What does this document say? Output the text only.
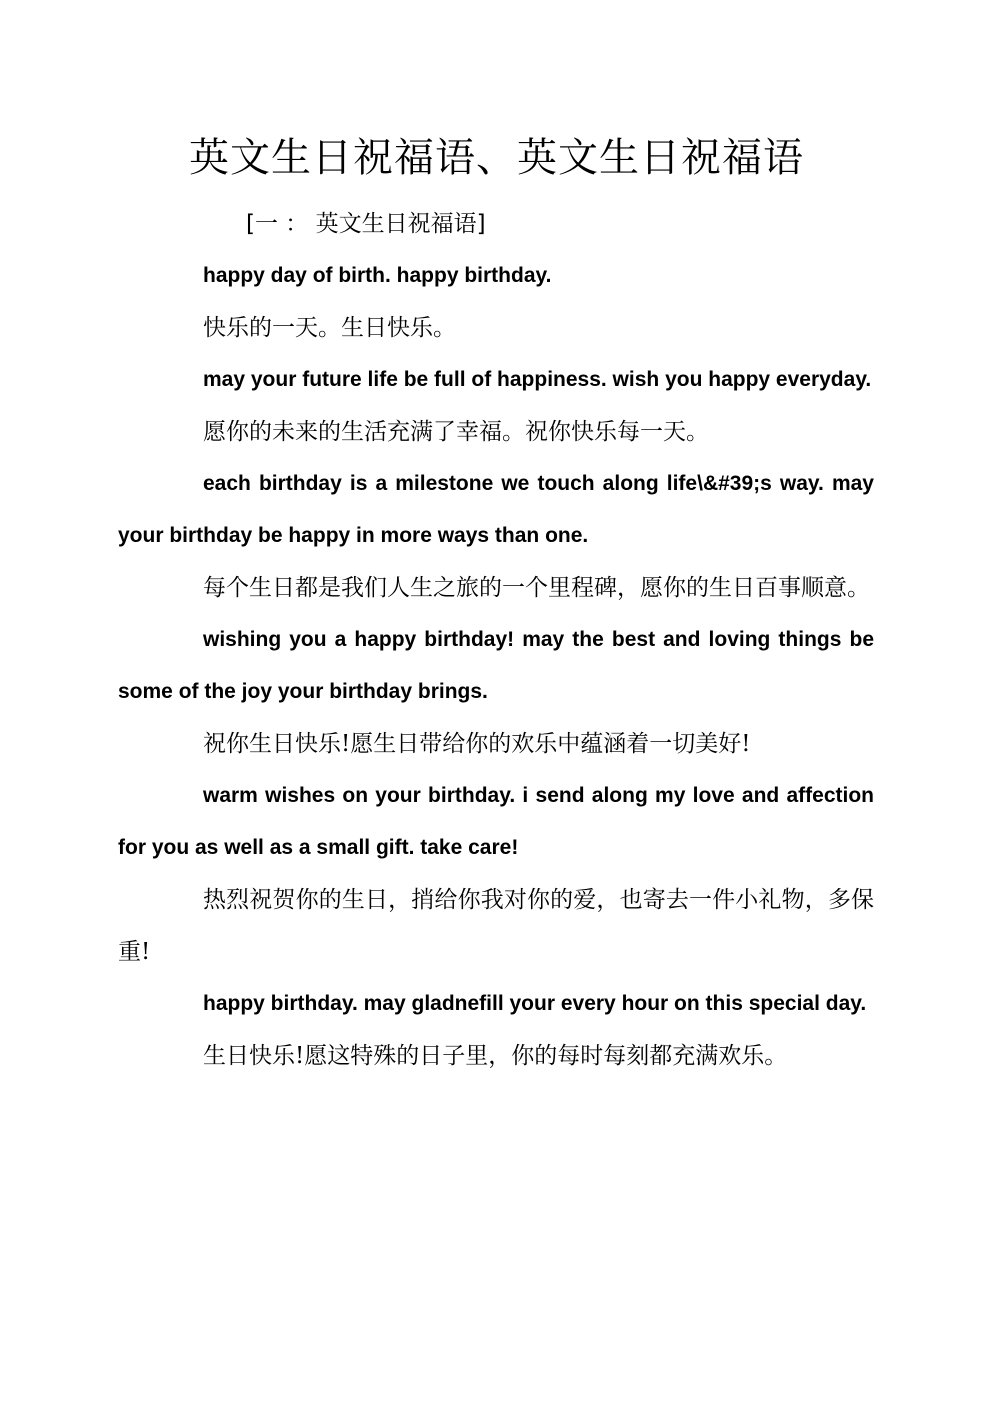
英文生日祝福语、英文生日祝福语

[一 ： 英文生日祝福语]

happy day of birth. happy birthday.

快乐的一天。生日快乐。

may your future life be full of happiness. wish you happy everyday.

愿你的未来的生活充满了幸福。祝你快乐每一天。

each birthday is a milestone we touch along life\&#39;s way. may your birthday be happy in more ways than one.

每个生日都是我们人生之旅的一个里程碑，愿你的生日百事顺意。

wishing you a happy birthday! may the best and loving things be some of the joy your birthday brings.

祝你生日快乐!愿生日带给你的欢乐中蕴涵着一切美好!

warm wishes on your birthday. i send along my love and affection for you as well as a small gift. take care!

热烈祝贺你的生日，捎给你我对你的爱，也寄去一件小礼物，多保重!

happy birthday. may gladnefill your every hour on this special day.

生日快乐!愿这特殊的日子里，你的每时每刻都充满欢乐。
